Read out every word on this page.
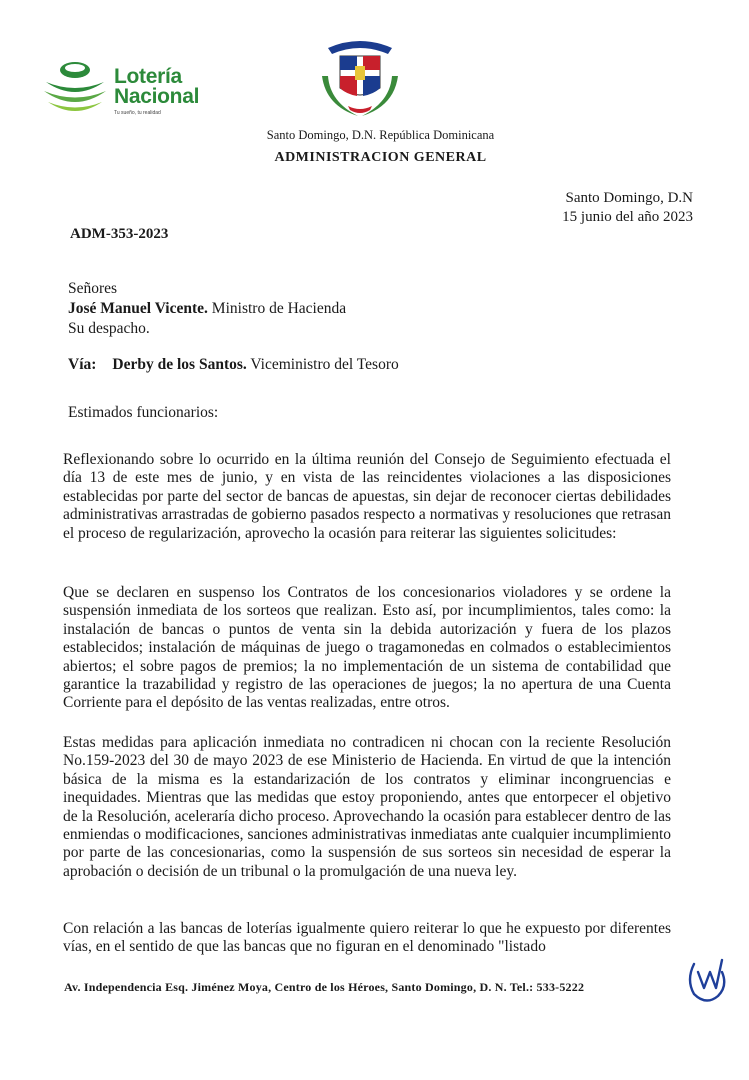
Lotería
Nacional
Tu sueño, tu realidad
Santo Domingo, D.N. República Dominicana
ADMINISTRACION GENERAL
Santo Domingo, D.N
15 junio del año 2023
ADM-353-2023
Señores
José Manuel Vicente. Ministro de Hacienda
Su despacho.
Vía: Derby de los Santos. Viceministro del Tesoro
Estimados funcionarios:
Reflexionando sobre lo ocurrido en la última reunión del Consejo de Seguimiento efectuada el día 13 de este mes de junio, y en vista de las reincidentes violaciones a las disposiciones establecidas por parte del sector de bancas de apuestas, sin dejar de reconocer ciertas debilidades administrativas arrastradas de gobierno pasados respecto a normativas y resoluciones que retrasan el proceso de regularización, aprovecho la ocasión para reiterar las siguientes solicitudes:
Que se declaren en suspenso los Contratos de los concesionarios violadores y se ordene la suspensión inmediata de los sorteos que realizan. Esto así, por incumplimientos, tales como: la instalación de bancas o puntos de venta sin la debida autorización y fuera de los plazos establecidos; instalación de máquinas de juego o tragamonedas en colmados o establecimientos abiertos; el sobre pagos de premios; la no implementación de un sistema de contabilidad que garantice la trazabilidad y registro de las operaciones de juegos; la no apertura de una Cuenta Corriente para el depósito de las ventas realizadas, entre otros.
Estas medidas para aplicación inmediata no contradicen ni chocan con la reciente Resolución No.159-2023 del 30 de mayo 2023 de ese Ministerio de Hacienda. En virtud de que la intención básica de la misma es la estandarización de los contratos y eliminar incongruencias e inequidades. Mientras que las medidas que estoy proponiendo, antes que entorpecer el objetivo de la Resolución, aceleraría dicho proceso. Aprovechando la ocasión para establecer dentro de las enmiendas o modificaciones, sanciones administrativas inmediatas ante cualquier incumplimiento por parte de las concesionarias, como la suspensión de sus sorteos sin necesidad de esperar la aprobación o decisión de un tribunal o la promulgación de una nueva ley.
Con relación a las bancas de loterías igualmente quiero reiterar lo que he expuesto por diferentes vías, en el sentido de que las bancas que no figuran en el denominado "listado
Av. Independencia Esq. Jiménez Moya, Centro de los Héroes, Santo Domingo, D. N. Tel.: 533-5222
